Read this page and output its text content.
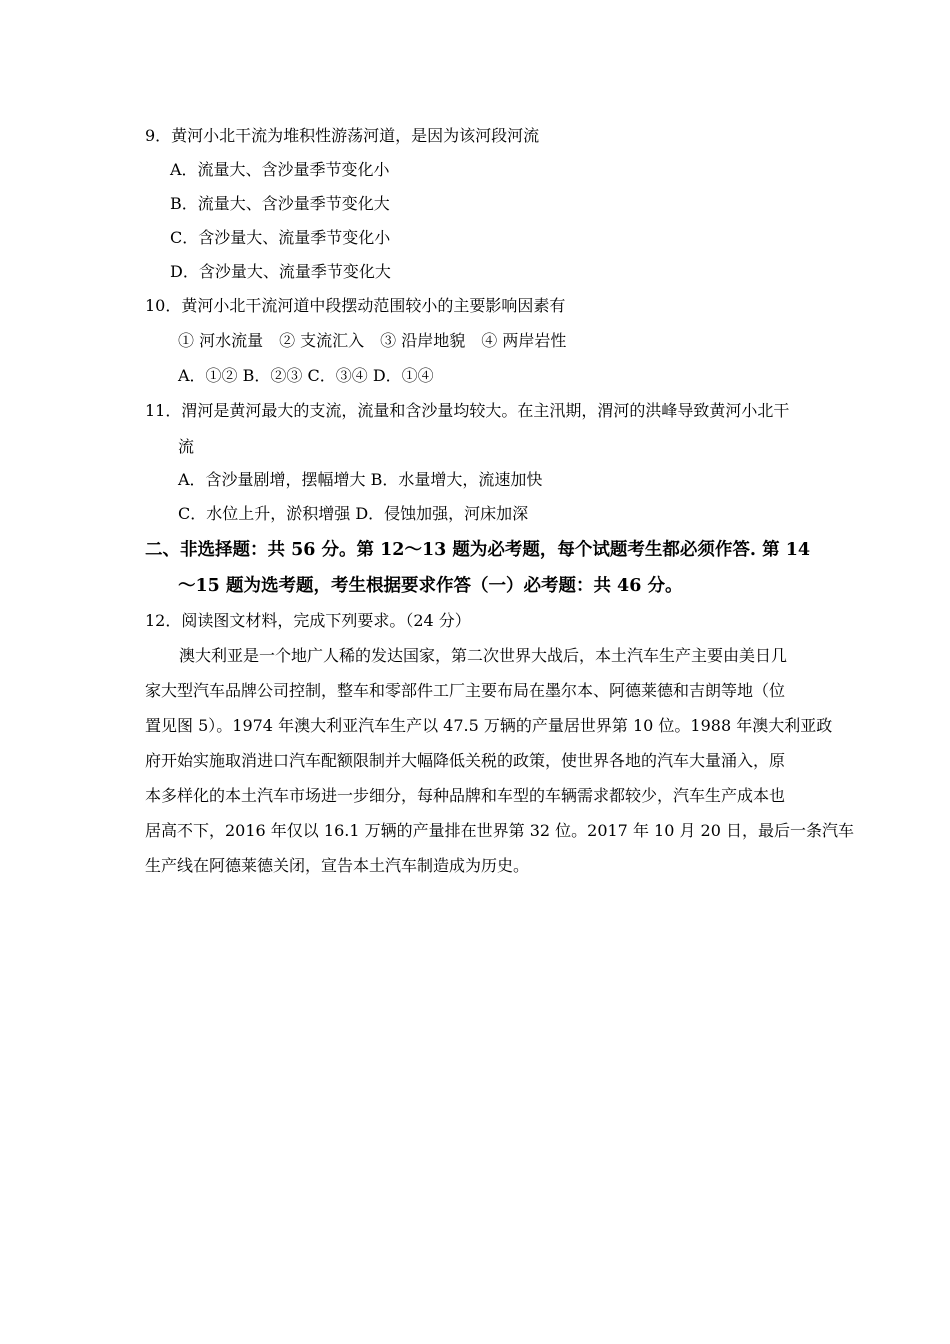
9．黄河小北干流为堆积性游荡河道，是因为该河段河流
A．流量大、含沙量季节变化小
B．流量大、含沙量季节变化大
C．含沙量大、流量季节变化小
D．含沙量大、流量季节变化大
10．黄河小北干流河道中段摆动范围较小的主要影响因素有
① 河水流量　② 支流汇入　③ 沿岸地貌　④ 两岸岩性
A．①② B．②③ C．③④ D．①④
11．渭河是黄河最大的支流，流量和含沙量均较大。在主汛期，渭河的洪峰导致黄河小北干
流
A．含沙量剧增，摆幅增大 B．水量增大，流速加快
C．水位上升，淤积增强 D．侵蚀加强，河床加深
二、非选择题：共 56 分。第 12～13 题为必考题，每个试题考生都必须作答. 第 14
～15 题为选考题，考生根据要求作答（一）必考题：共 46 分。
12．阅读图文材料，完成下列要求。（24 分）
澳大利亚是一个地广人稀的发达国家，第二次世界大战后，本土汽车生产主要由美日几
家大型汽车品牌公司控制，整车和零部件工厂主要布局在墨尔本、阿德莱德和吉朗等地（位
置见图 5）。1974 年澳大利亚汽车生产以 47.5 万辆的产量居世界第 10 位。1988 年澳大利亚政
府开始实施取消进口汽车配额限制并大幅降低关税的政策，使世界各地的汽车大量涌入，原
本多样化的本土汽车市场进一步细分，每种品牌和车型的车辆需求都较少，汽车生产成本也
居高不下，2016 年仅以 16.1 万辆的产量排在世界第 32 位。2017 年 10 月 20 日，最后一条汽车
生产线在阿德莱德关闭，宣告本土汽车制造成为历史。
